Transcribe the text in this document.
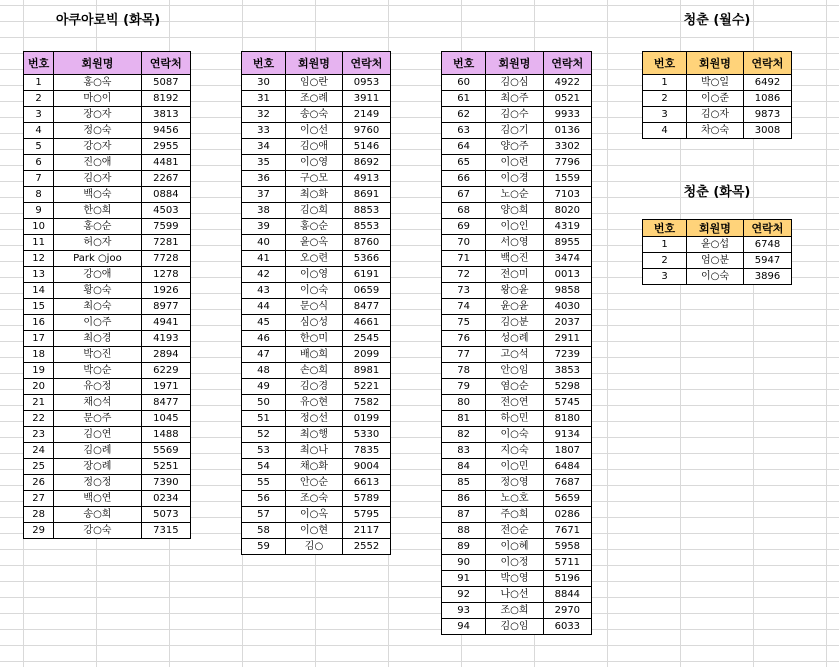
아쿠아로빅 (화목)	청춘 (월수)
청춘 (화목)
번호	회원명	연락처
1	홍○옥	5087
2	마○이	8192
3	장○자	3813
4	정○숙	9456
5	강○자	2955
6	진○애	4481
7	김○자	2267
8	백○숙	0884
9	한○희	4503
10	홍○순	7599
11	허○자	7281
12	Park ○joo	7728
13	강○애	1278
14	황○숙	1926
15	최○숙	8977
16	이○주	4941
17	최○경	4193
18	박○진	2894
19	박○순	6229
20	유○정	1971
21	채○석	8477
22	문○주	1045
23	김○연	1488
24	김○례	5569
25	장○례	5251
26	정○정	7390
27	백○연	0234
28	송○희	5073
29	강○숙	7315
번호	회원명	연락처
30	임○란	0953
31	조○례	3911
32	송○숙	2149
33	이○선	9760
34	김○애	5146
35	이○영	8692
36	구○모	4913
37	최○화	8691
38	김○희	8853
39	홍○순	8553
40	윤○옥	8760
41	오○련	5366
42	이○영	6191
43	이○숙	0659
44	문○식	8477
45	심○성	4661
46	한○미	2545
47	배○희	2099
48	손○희	8981
49	김○경	5221
50	유○현	7582
51	정○선	0199
52	최○행	5330
53	최○나	7835
54	채○화	9004
55	안○순	6613
56	조○숙	5789
57	이○옥	5795
58	이○현	2117
59	김○	2552
번호	회원명	연락처
60	김○심	4922
61	최○주	0521
62	김○수	9933
63	김○기	0136
64	양○주	3302
65	이○련	7796
66	이○경	1559
67	노○순	7103
68	양○희	8020
69	이○인	4319
70	서○영	8955
71	백○진	3474
72	전○미	0013
73	왕○윤	9858
74	윤○윤	4030
75	김○분	2037
76	성○례	2911
77	고○석	7239
78	안○임	3853
79	염○순	5298
80	전○연	5745
81	하○민	8180
82	이○숙	9134
83	지○숙	1807
84	이○민	6484
85	정○영	7687
86	노○호	5659
87	주○희	0286
88	전○순	7671
89	이○혜	5958
90	이○정	5711
91	박○영	5196
92	나○선	8844
93	조○희	2970
94	김○임	6033
번호	회원명	연락처
1	박○일	6492
2	이○준	1086
3	김○자	9873
4	차○숙	3008
번호	회원명	연락처
1	윤○섭	6748
2	엄○분	5947
3	이○숙	3896
